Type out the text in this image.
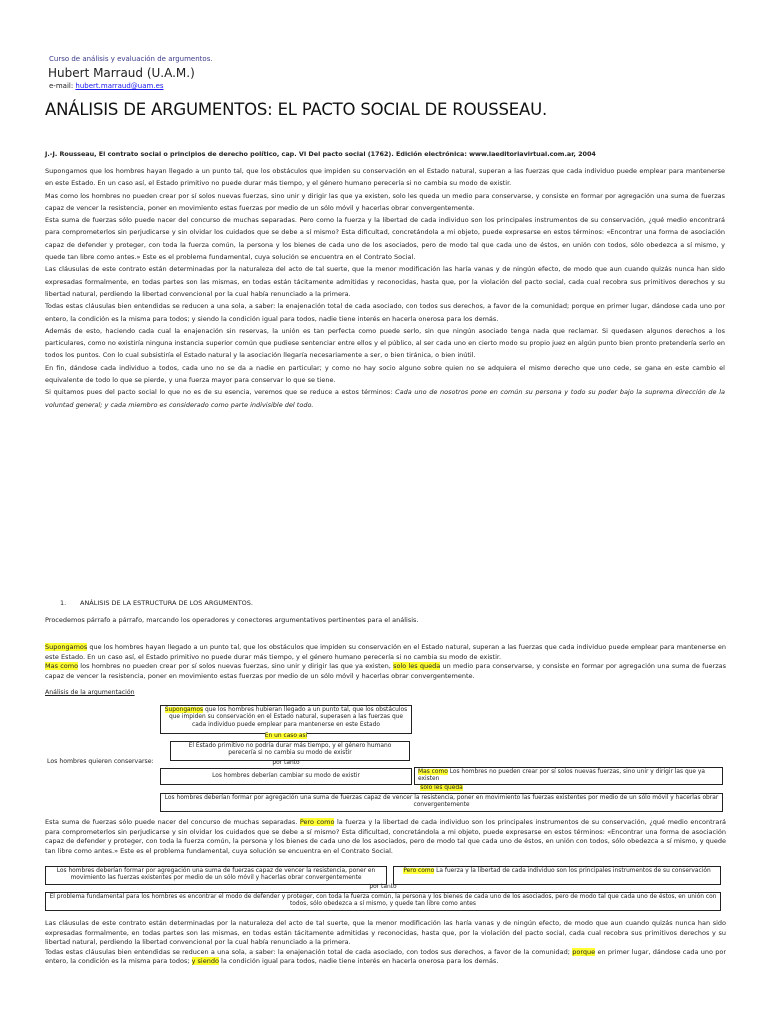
Curso de análisis y evaluación de argumentos.
Hubert Marraud (U.A.M.)
e-mail: hubert.marraud@uam.es
ANÁLISIS DE ARGUMENTOS: EL PACTO SOCIAL DE ROUSSEAU.
J.-J. Rousseau, El contrato social o principios de derecho político, cap. VI Del pacto social (1762). Edición electrónica: www.laeditoriavirtual.com.ar, 2004

Supongamos que los hombres hayan llegado a un punto tal, que los obstáculos que impiden su conservación en el Estado natural, superan a las fuerzas que cada individuo puede emplear para mantenerse en este Estado. En un caso así, el Estado primitivo no puede durar más tiempo, y el género humano perecería si no cambia su modo de existir.

Mas como los hombres no pueden crear por sí solos nuevas fuerzas, sino unir y dirigir las que ya existen, solo les queda un medio para conservarse, y consiste en formar por agregación una suma de fuerzas capaz de vencer la resistencia, poner en movimiento estas fuerzas por medio de un sólo móvil y hacerlas obrar convergentemente.

Esta suma de fuerzas sólo puede nacer del concurso de muchas separadas. Pero como la fuerza y la libertad de cada individuo son los principales instrumentos de su conservación, ¿qué medio encontrará para comprometerlos sin perjudicarse y sin olvidar los cuidados que se debe a sí mismo? Esta dificultad, concretándola a mi objeto, puede expresarse en estos términos: «Encontrar una forma de asociación capaz de defender y proteger, con toda la fuerza común, la persona y los bienes de cada uno de los asociados, pero de modo tal que cada uno de éstos, en unión con todos, sólo obedezca a sí mismo, y quede tan libre como antes.» Este es el problema fundamental, cuya solución se encuentra en el Contrato Social.

Las cláusulas de este contrato están determinadas por la naturaleza del acto de tal suerte, que la menor modificación las haría vanas y de ningún efecto, de modo que aun cuando quizás nunca han sido expresadas formalmente, en todas partes son las mismas, en todas están tácitamente admitidas y reconocidas, hasta que, por la violación del pacto social, cada cual recobra sus primitivos derechos y su libertad natural, perdiendo la libertad convencional por la cual había renunciado a la primera.

Todas estas cláusulas bien entendidas se reducen a una sola, a saber: la enajenación total de cada asociado, con todos sus derechos, a favor de la comunidad; porque en primer lugar, dándose cada uno por entero, la condición es la misma para todos; y siendo la condición igual para todos, nadie tiene interés en hacerla onerosa para los demás.

Además de esto, haciendo cada cual la enajenación sin reservas, la unión es tan perfecta como puede serlo, sin que ningún asociado tenga nada que reclamar. Si quedasen algunos derechos a los particulares, como no existiría ninguna instancia superior común que pudiese sentenciar entre ellos y el público, al ser cada uno en cierto modo su propio juez en algún punto bien pronto pretendería serlo en todos los puntos. Con lo cual subsistiría el Estado natural y la asociación llegaría necesariamente a ser, o bien tiránica, o bien inútil.

En fin, dándose cada individuo a todos, cada uno no se da a nadie en particular; y como no hay socio alguno sobre quien no se adquiera el mismo derecho que uno cede, se gana en este cambio el equivalente de todo lo que se pierde, y una fuerza mayor para conservar lo que se tiene.

Si quitamos pues del pacto social lo que no es de su esencia, veremos que se reduce a estos términos: Cada uno de nosotros pone en común su persona y todo su poder bajo la suprema dirección de la voluntad general; y cada miembro es considerado como parte indivisible del todo.

1. ANÁLISIS DE LA ESTRUCTURA DE LOS ARGUMENTOS.
Procedemos párrafo a párrafo, marcando los operadores y conectores argumentativos pertinentes para el análisis.
Supongamos que los hombres hayan llegado a un punto tal, que los obstáculos que impiden su conservación en el Estado natural, superan a las fuerzas que cada individuo puede emplear para mantenerse en este Estado. En un caso así, el Estado primitivo no puede durar más tiempo, y el género humano perecería si no cambia su modo de existir.
Mas como los hombres no pueden crear por sí solos nuevas fuerzas, sino unir y dirigir las que ya existen, solo les queda un medio para conservarse, y consiste en formar por agregación una suma de fuerzas capaz de vencer la resistencia, poner en movimiento estas fuerzas por medio de un sólo móvil y hacerlas obrar convergentemente.
Análisis de la argumentación
Supongamos que los hombres hubieran llegado a un punto tal, que los obstáculos que impiden su conservación en el Estado natural, superasen a las fuerzas que cada individuo puede emplear para mantenerse en este Estado
En un caso así
El Estado primitivo no podría durar más tiempo, y el género humano perecería si no cambia su modo de existir
por tanto
Los hombres quieren conservarse:
Los hombres deberían cambiar su modo de existir
Mas como Los hombres no pueden crear por sí solos nuevas fuerzas, sino unir y dirigir las que ya existen
solo les queda
Los hombres deberían formar por agregación una suma de fuerzas capaz de vencer la resistencia, poner en movimiento las fuerzas existentes por medio de un sólo móvil y hacerlas obrar convergentemente
Esta suma de fuerzas sólo puede nacer del concurso de muchas separadas. Pero como la fuerza y la libertad de cada individuo son los principales instrumentos de su conservación, ¿qué medio encontrará para comprometerlos sin perjudicarse y sin olvidar los cuidados que se debe a sí mismo? Esta dificultad, concretándola a mi objeto, puede expresarse en estos términos: «Encontrar una forma de asociación capaz de defender y proteger, con toda la fuerza común, la persona y los bienes de cada uno de los asociados, pero de modo tal que cada uno de éstos, en unión con todos, sólo obedezca a sí mismo, y quede tan libre como antes.» Este es el problema fundamental, cuya solución se encuentra en el Contrato Social.
Los hombres deberían formar por agregación una suma de fuerzas capaz de vencer la resistencia, poner en movimiento las fuerzas existentes por medio de un sólo móvil y hacerlas obrar convergentemente
Pero como La fuerza y la libertad de cada individuo son los principales instrumentos de su conservación
por tanto
El problema fundamental para los hombres es encontrar el modo de defender y proteger, con toda la fuerza común, la persona y los bienes de cada uno de los asociados, pero de modo tal que cada uno de éstos, en unión con todos, sólo obedezca a sí mismo, y quede tan libre como antes
Las cláusulas de este contrato están determinadas por la naturaleza del acto de tal suerte, que la menor modificación las haría vanas y de ningún efecto, de modo que aun cuando quizás nunca han sido expresadas formalmente, en todas partes son las mismas, en todas están tácitamente admitidas y reconocidas, hasta que, por la violación del pacto social, cada cual recobra sus primitivos derechos y su libertad natural, perdiendo la libertad convencional por la cual había renunciado a la primera.
Todas estas cláusulas bien entendidas se reducen a una sola, a saber: la enajenación total de cada asociado, con todos sus derechos, a favor de la comunidad; porque en primer lugar, dándose cada uno por entero, la condición es la misma para todos; y siendo la condición igual para todos, nadie tiene interés en hacerla onerosa para los demás.
